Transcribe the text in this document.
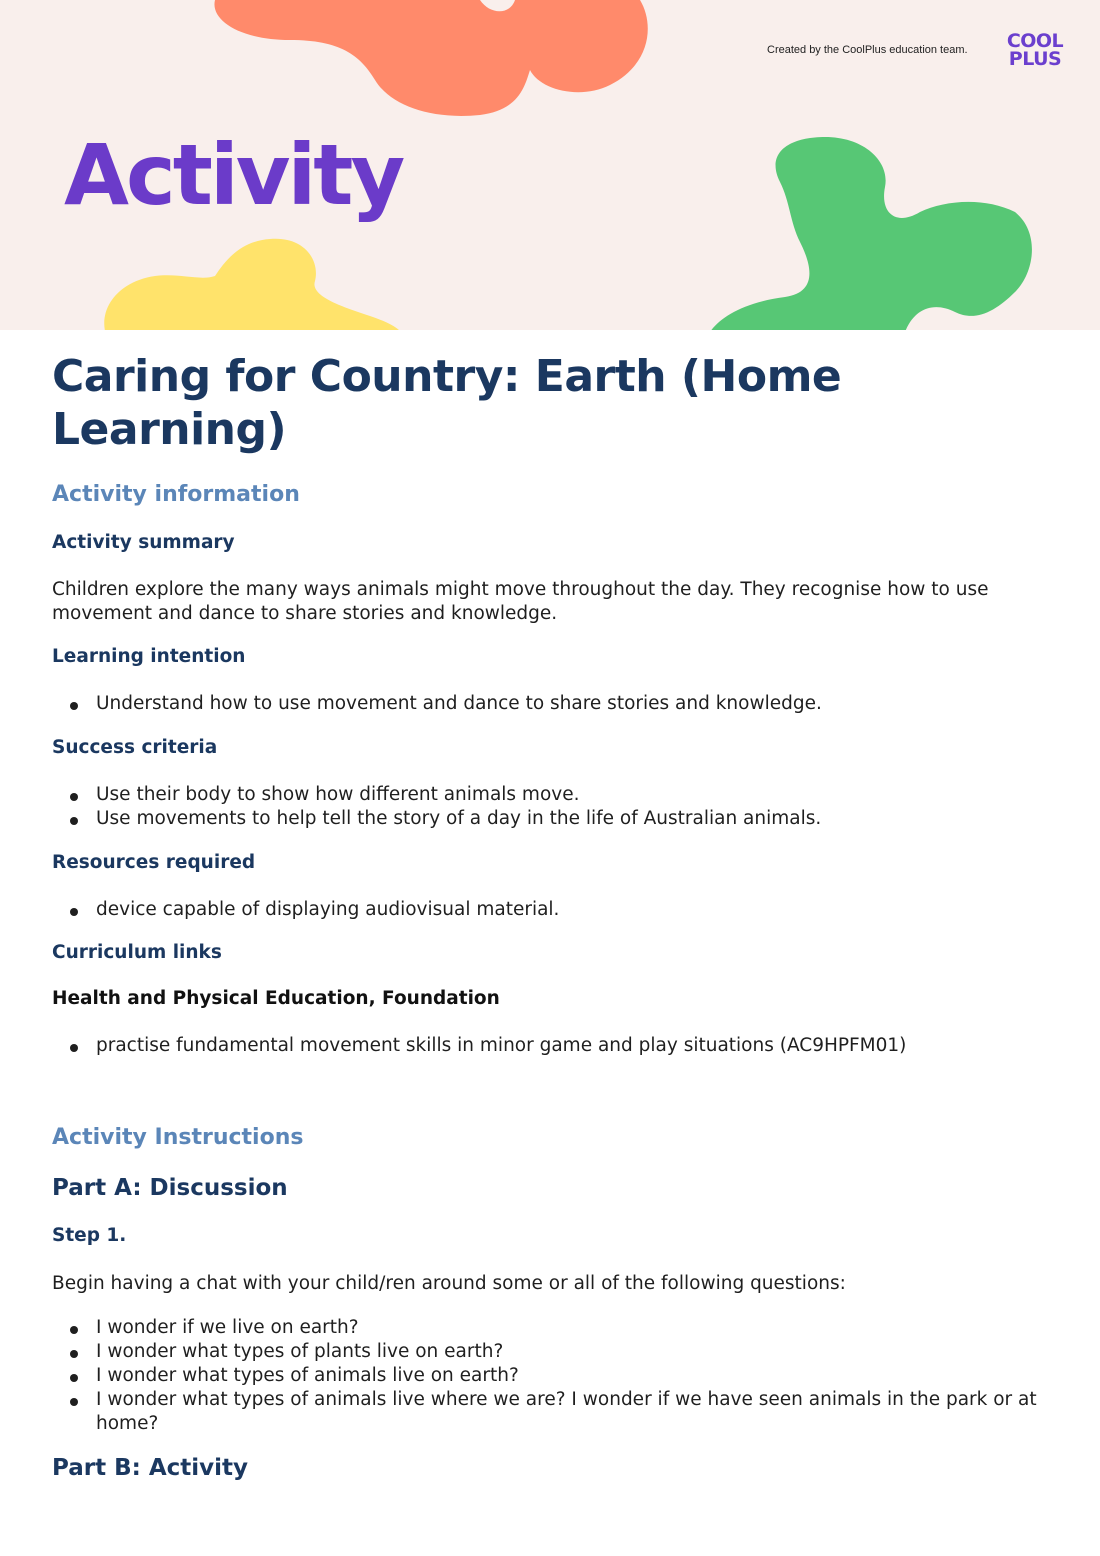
Created by the CoolPlus education team.	COOL
PLUS
Activity
Caring for Country: Earth (Home Learning)
Activity information
Activity summary
Children explore the many ways animals might move throughout the day. They recognise how to use movement and dance to share stories and knowledge.
Learning intention
Understand how to use movement and dance to share stories and knowledge.
Success criteria
Use their body to show how different animals move.
Use movements to help tell the story of a day in the life of Australian animals.
Resources required
device capable of displaying audiovisual material.
Curriculum links
Health and Physical Education, Foundation
practise fundamental movement skills in minor game and play situations (AC9HPFM01)
Activity Instructions
Part A: Discussion
Step 1.
Begin having a chat with your child/ren around some or all of the following questions:
I wonder if we live on earth?
I wonder what types of plants live on earth?
I wonder what types of animals live on earth?
I wonder what types of animals live where we are? I wonder if we have seen animals in the park or at home?
Part B: Activity
